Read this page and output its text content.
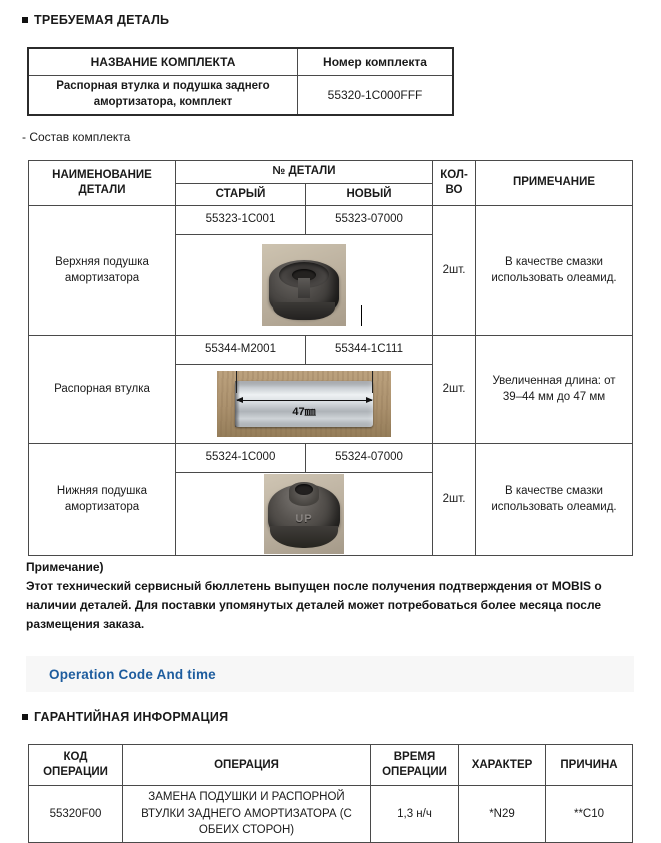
ТРЕБУЕМАЯ ДЕТАЛЬ
НАЗВАНИЕ КОМПЛЕКТА	Номер комплекта
Распорная втулка и подушка заднего амортизатора, комплект	55320-1C000FFF
- Состав комплекта
НАИМЕНОВАНИЕ ДЕТАЛИ	№ ДЕТАЛИ		КОЛ-ВО	ПРИМЕЧАНИЕ
	СТАРЫЙ	НОВЫЙ		
Верхняя подушка амортизатора	55323-1C001	55323-07000	2шт.	В качестве смазки использовать олеамид.

Распорная втулка	55344-M2001	55344-1C111	2шт.	Увеличенная длина: от 39–44 мм до 47 мм

	47㎜			

Нижняя подушка амортизатора	55324-1C000	55324-07000	2шт.	В качестве смазки использовать олеамид.

	UP			
Примечание)
Этот технический сервисный бюллетень выпущен после получения подтверждения от MOBIS о наличии деталей. Для поставки упомянутых деталей может потребоваться более месяца после размещения заказа.
Operation Code And time
ГАРАНТИЙНАЯ ИНФОРМАЦИЯ
КОД ОПЕРАЦИИ	ОПЕРАЦИЯ	ВРЕМЯ ОПЕРАЦИИ	ХАРАКТЕР	ПРИЧИНА
55320F00	ЗАМЕНА ПОДУШКИ И РАСПОРНОЙ ВТУЛКИ ЗАДНЕГО АМОРТИЗАТОРА (С ОБЕИХ СТОРОН)	1,3 н/ч	*N29	**C10
